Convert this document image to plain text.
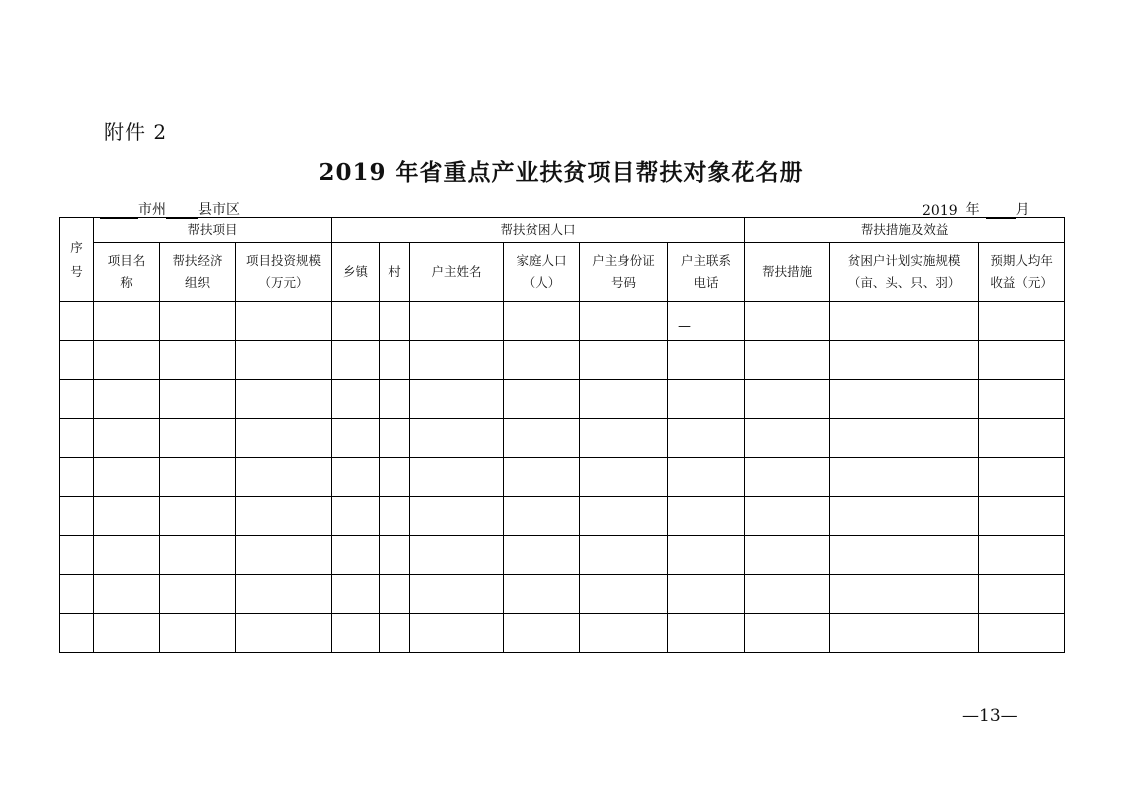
附件 2
2019 年省重点产业扶贫项目帮扶对象花名册
市州 县市区	2019 年	月
序号	帮扶项目			帮扶贫困人口						帮扶措施及效益		

	项目名称	帮扶经济组织	项目投资规模（万元）	乡镇	村	户主姓名	家庭人口（人）	户主身份证号码	户主联系电话	帮扶措施	贫困户计划实施规模（亩、头、只、羽）	预期人均年收益（元）

									—			

—13—
